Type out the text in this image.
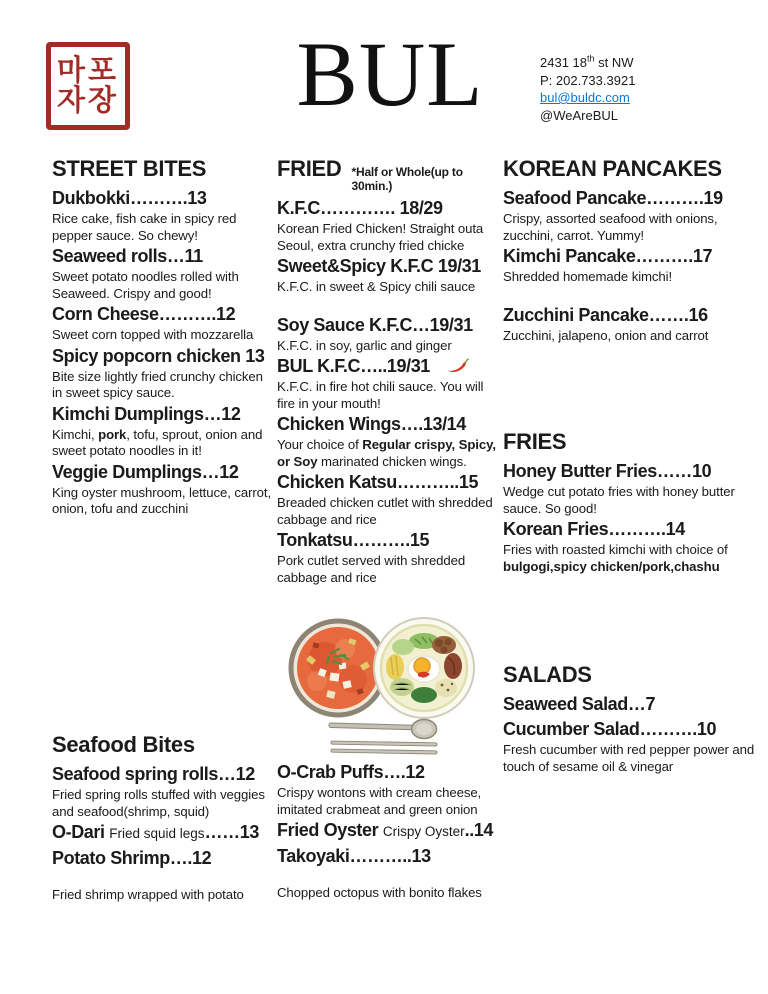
마포
자장	BUL	2431 18th st NW
P: 202.733.3921
bul@buldc.com
@WeAreBUL
STREET BITES
Dukbokki……….13
Rice cake, fish cake in spicy red pepper sauce. So chewy!
Seaweed rolls…11
Sweet potato noodles rolled with Seaweed. Crispy and good!
Corn Cheese……….12
Sweet corn topped with mozzarella
Spicy popcorn chicken 13
Bite size lightly fried crunchy chicken in sweet spicy sauce.
Kimchi Dumplings…12
Kimchi, pork, tofu, sprout, onion and sweet potato noodles in it!
Veggie Dumplings…12
King oyster mushroom, lettuce, carrot, onion, tofu and zucchini
FRIED *Half or Whole(up to 30min.)
K.F.C…………. 18/29
Korean Fried Chicken! Straight outa Seoul, extra crunchy fried chicke
Sweet&Spicy K.F.C 19/31
K.F.C. in sweet & Spicy chili sauce
Soy Sauce K.F.C…19/31
K.F.C. in soy, garlic and ginger
BUL K.F.C…..19/31
K.F.C. in fire hot chili sauce. You will fire in your mouth!
Chicken Wings….13/14
Your choice of Regular crispy, Spicy, or Soy marinated chicken wings.
Chicken Katsu………..15
Breaded chicken cutlet with shredded cabbage and rice
Tonkatsu……….15
Pork cutlet served with shredded cabbage and rice
KOREAN PANCAKES
Seafood Pancake……….19
Crispy, assorted seafood with onions, zucchini, carrot. Yummy!
Kimchi Pancake……….17
Shredded homemade kimchi!
Zucchini Pancake…….16
Zucchini, jalapeno, onion and carrot
FRIES
Honey Butter Fries……10
Wedge cut potato fries with honey butter sauce. So good!
Korean Fries……….14
Fries with roasted kimchi with choice of bulgogi,spicy chicken/pork,chashu
SALADS
Seaweed Salad…7
Cucumber Salad……….10
Fresh cucumber with red pepper power and touch of sesame oil & vinegar
Seafood Bites
Seafood spring rolls…12
Fried spring rolls stuffed with veggies and seafood(shrimp, squid)
O-Dari Fried squid legs……13
Potato Shrimp….12
Fried shrimp wrapped with potato
O-Crab Puffs….12
Crispy wontons with cream cheese, imitated crabmeat and green onion
Fried Oyster Crispy Oyster..14
Takoyaki………..13
Chopped octopus with bonito flakes
